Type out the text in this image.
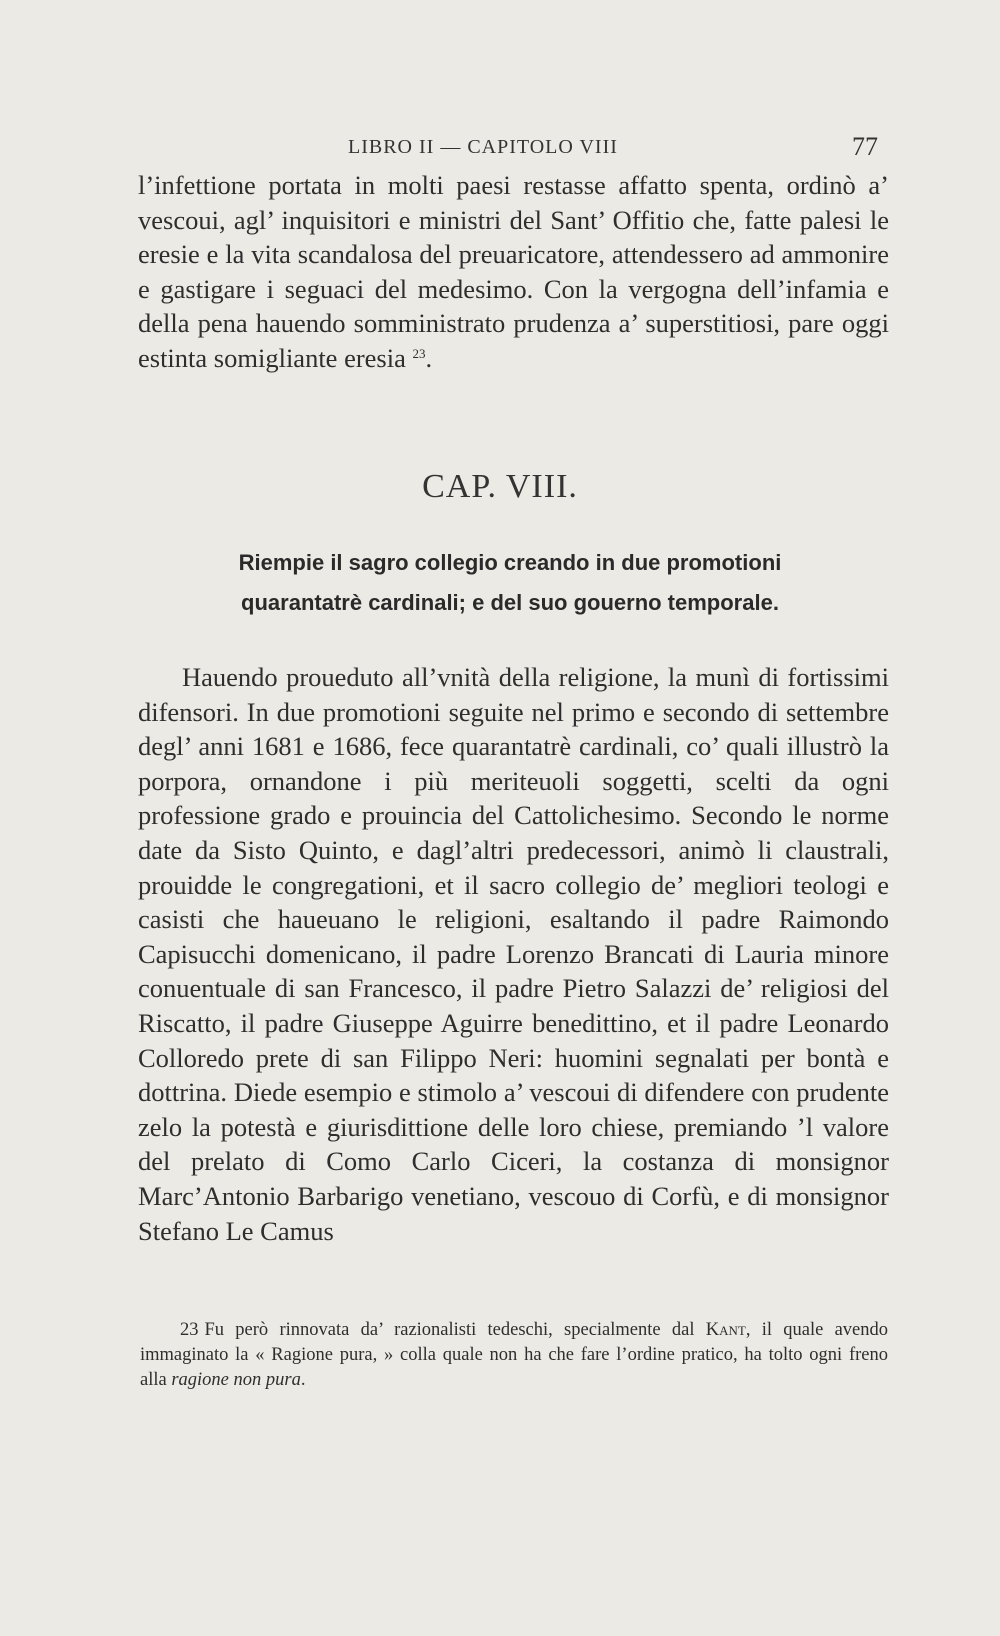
LIBRO II — CAPITOLO VIII	77

l’infettione portata in molti paesi restasse affatto spenta, ordinò a’ vescoui, agl’ inquisitori e ministri del Sant’ Offitio che, fatte palesi le eresie e la vita scandalosa del preuaricatore, attendessero ad ammonire e gastigare i seguaci del medesimo. Con la vergogna dell’infamia e della pena hauendo somministrato prudenza a’ superstitiosi, pare oggi estinta somigliante eresia $^{23}$.

CAP. VIII.
Riempie il sagro collegio creando in due promotioni
quarantatrè cardinali; e del suo gouerno temporale.

Hauendo proueduto all’vnità della religione, la munì di fortissimi difensori. In due promotioni seguite nel primo e secondo di settembre degl’ anni 1681 e 1686, fece quarantatrè cardinali, co’ quali illustrò la porpora, ornandone i più meriteuoli soggetti, scelti da ogni professione grado e prouincia del Cattolichesimo. Secondo le norme date da Sisto Quinto, e dagl’altri predecessori, animò li claustrali, prouidde le congregationi, et il sacro collegio de’ megliori teologi e casisti che haueuano le religioni, esaltando il padre Raimondo Capisucchi domenicano, il padre Lorenzo Brancati di Lauria minore conuentuale di san Francesco, il padre Pietro Salazzi de’ religiosi del Riscatto, il padre Giuseppe Aguirre benedittino, et il padre Leonardo Colloredo prete di san Filippo Neri: huomini segnalati per bontà e dottrina. Diede esempio e stimolo a’ vescoui di difendere con prudente zelo la potestà e giurisdittione delle loro chiese, premiando ’l valore del prelato di Como Carlo Ciceri, la costanza di monsignor Marc’Antonio Barbarigo venetiano, vescouo di Corfù, e di monsignor Stefano Le Camus

23 Fu però rinnovata da’ razionalisti tedeschi, specialmente dal Kant, il quale avendo immaginato la « Ragione pura, » colla quale non ha che fare l’ordine pratico, ha tolto ogni freno alla ragione non pura.
